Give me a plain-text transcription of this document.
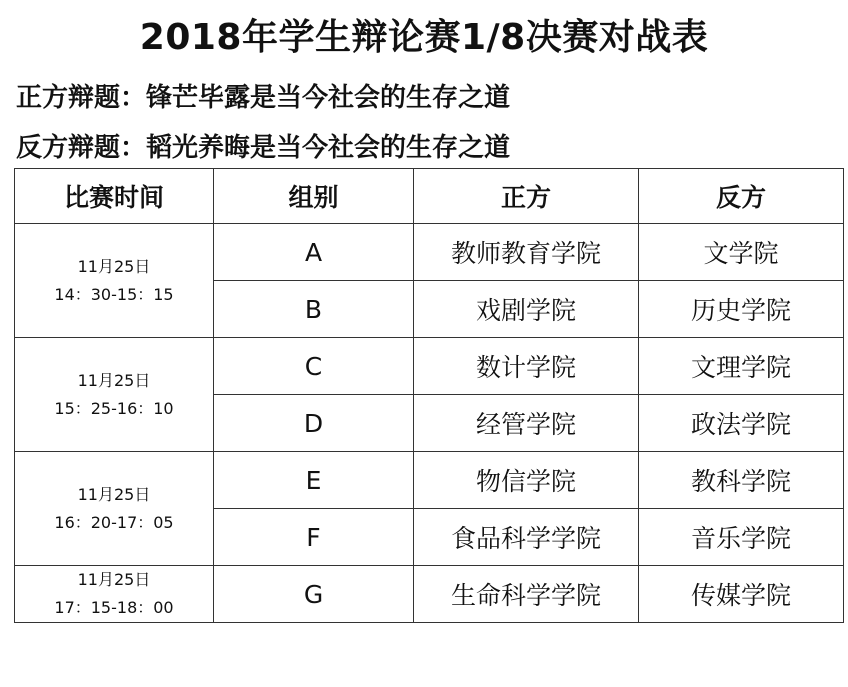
2018年学生辩论赛1/8决赛对战表
正方辩题：锋芒毕露是当今社会的生存之道
反方辩题：韬光养晦是当今社会的生存之道
比赛时间	组别	正方	反方

11月25日
14：30-15：15	A	教师教育学院	文学院
	B	戏剧学院	历史学院

11月25日
15：25-16：10	C	数计学院	文理学院
	D	经管学院	政法学院

11月25日
16：20-17：05	E	物信学院	教科学院
	F	食品科学学院	音乐学院

11月25日
17：15-18：00	G	生命科学学院	传媒学院
